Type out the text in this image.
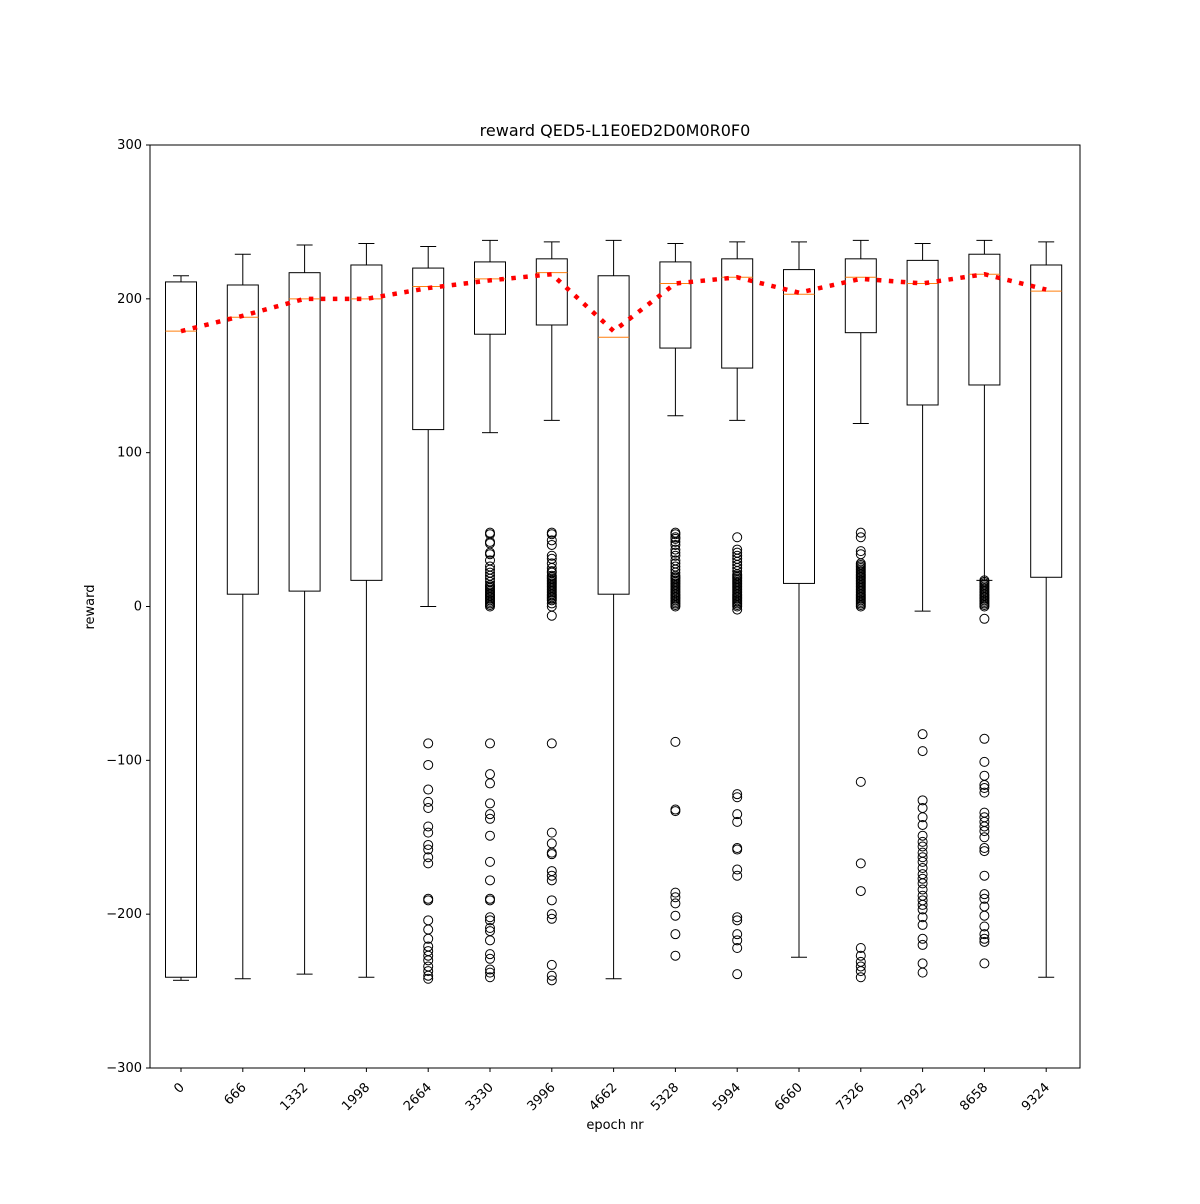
reward QED5-L1E0ED2D0M0R0F0
epoch nr
reward
−300
−200
−100
0
100
200
300
0	666 1332 1998 2664 3330 3996 4662 5328 5994 6660 7326 7992 8658 9324
